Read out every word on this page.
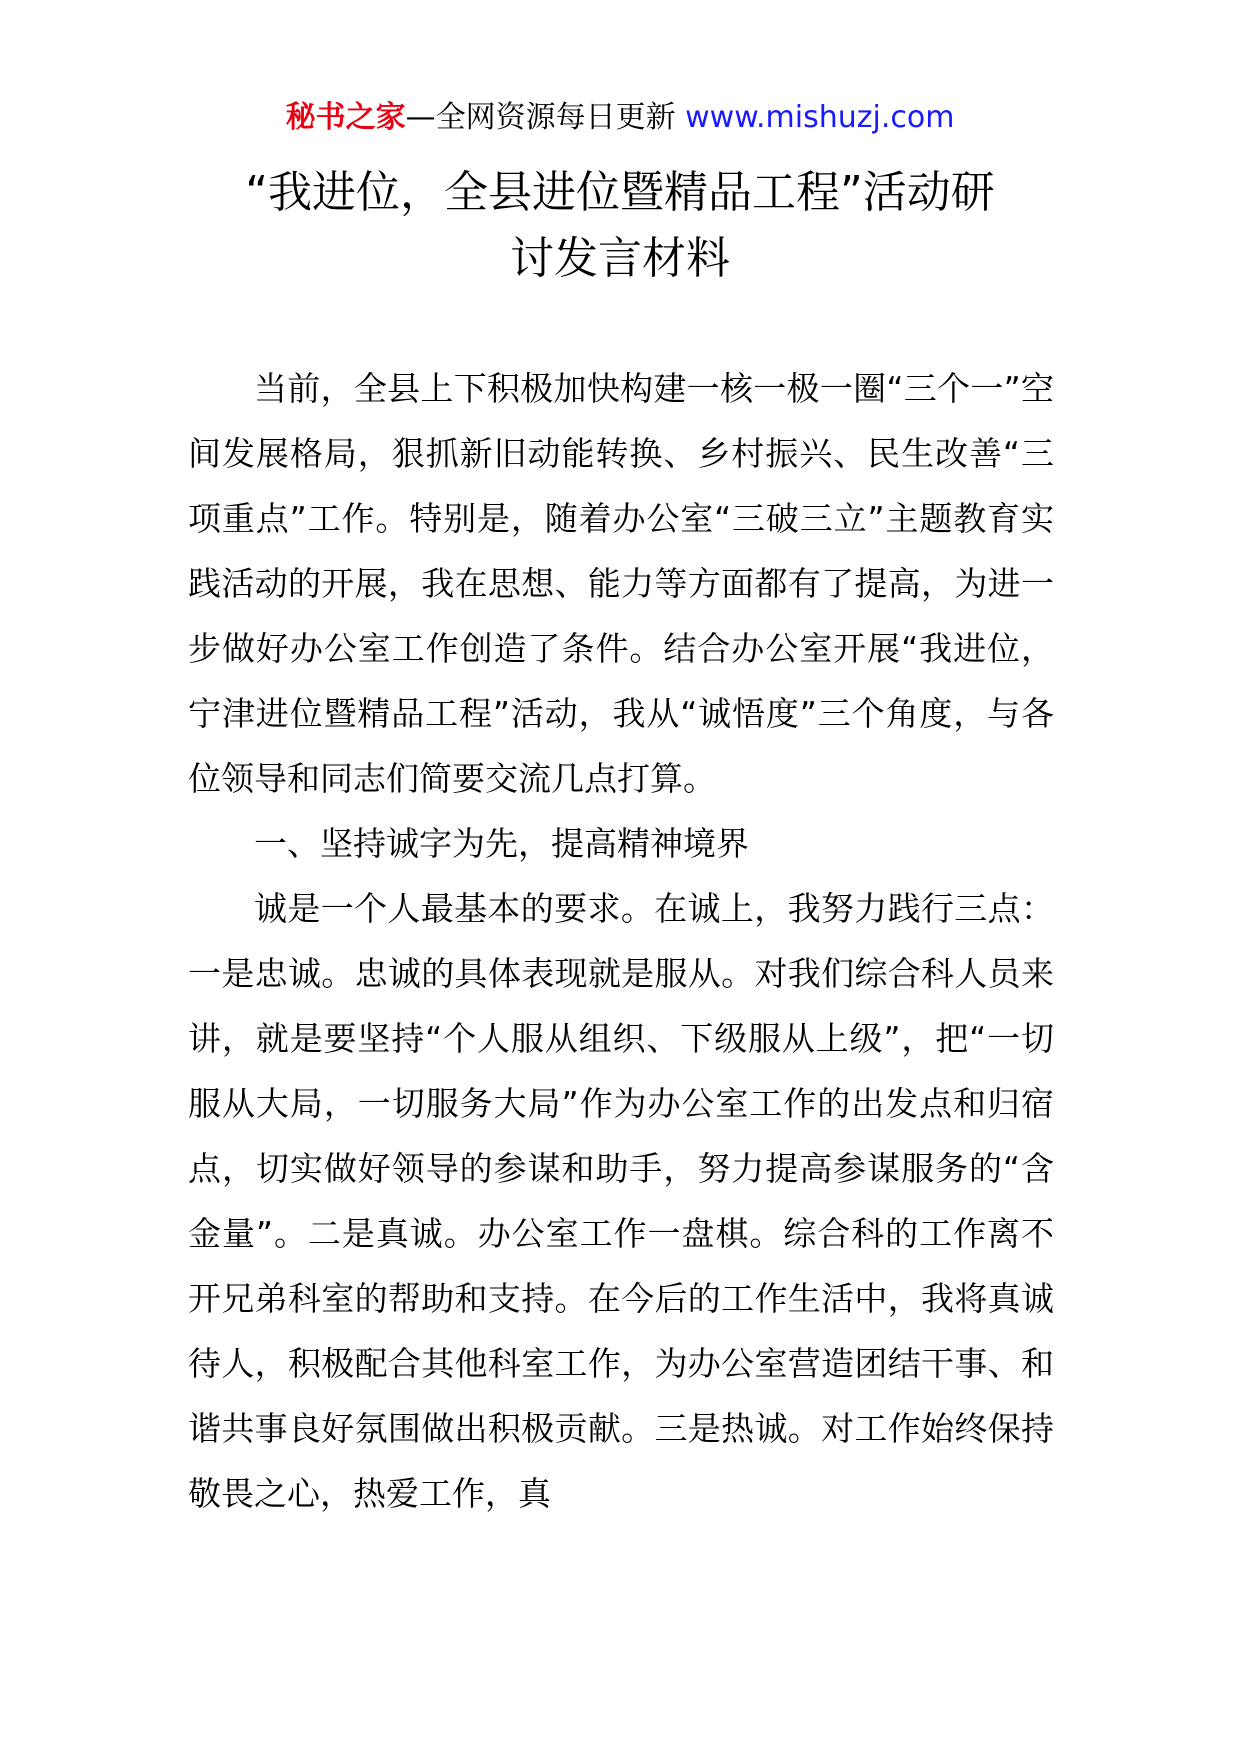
秘书之家—全网资源每日更新 www.mishuzj.com
“我进位，全县进位暨精品工程”活动研
讨发言材料

当前，全县上下积极加快构建一核一极一圈“三个一”空间发展格局，狠抓新旧动能转换、乡村振兴、民生改善“三项重点”工作。特别是，随着办公室“三破三立”主题教育实践活动的开展，我在思想、能力等方面都有了提高，为进一步做好办公室工作创造了条件。结合办公室开展“我进位，宁津进位暨精品工程”活动，我从“诚悟度”三个角度，与各位领导和同志们简要交流几点打算。

一、坚持诚字为先，提高精神境界

诚是一个人最基本的要求。在诚上，我努力践行三点：一是忠诚。忠诚的具体表现就是服从。对我们综合科人员来讲，就是要坚持“个人服从组织、下级服从上级”，把“一切服从大局，一切服务大局”作为办公室工作的出发点和归宿点，切实做好领导的参谋和助手，努力提高参谋服务的“含金量”。二是真诚。办公室工作一盘棋。综合科的工作离不开兄弟科室的帮助和支持。在今后的工作生活中，我将真诚待人，积极配合其他科室工作，为办公室营造团结干事、和谐共事良好氛围做出积极贡献。三是热诚。对工作始终保持敬畏之心，热爱工作，真
